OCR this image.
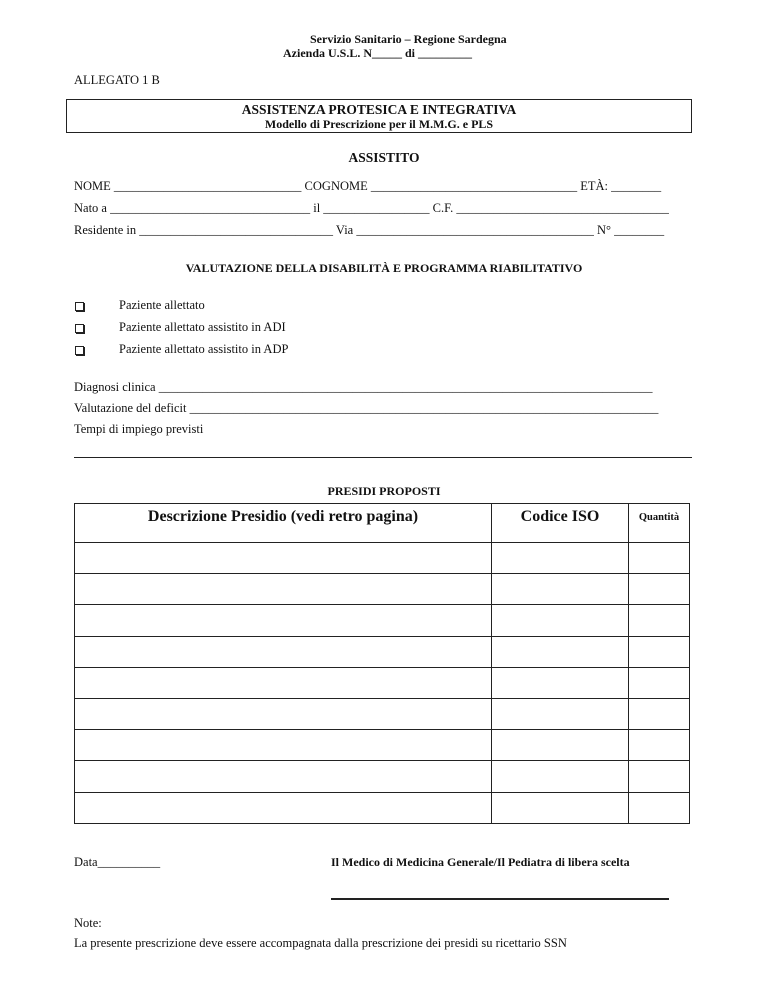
Servizio Sanitario – Regione Sardegna
Azienda U.S.L. N_____ di _________
ALLEGATO 1 B
ASSISTENZA PROTESICA E INTEGRATIVA
Modello di Prescrizione per il M.M.G. e PLS
ASSISTITO
NOME ______________________________ COGNOME _________________________________ ETÀ: ________
Nato a ________________________________ il _________________ C.F. __________________________________
Residente in _______________________________ Via ______________________________________ N° ________
VALUTAZIONE DELLA DISABILITÀ E PROGRAMMA RIABILITATIVO
Paziente allettato
Paziente allettato assistito in ADI
Paziente allettato assistito in ADP
Diagnosi clinica _______________________________________________________________________________
Valutazione del deficit ___________________________________________________________________________
Tempi di impiego previsti
PRESIDI PROPOSTI
Descrizione Presidio (vedi retro pagina)	Codice ISO	Quantità

Data__________	Il Medico di Medicina Generale/Il Pediatra di libera scelta
Note:
La presente prescrizione deve essere accompagnata dalla prescrizione dei presidi su ricettario SSN
